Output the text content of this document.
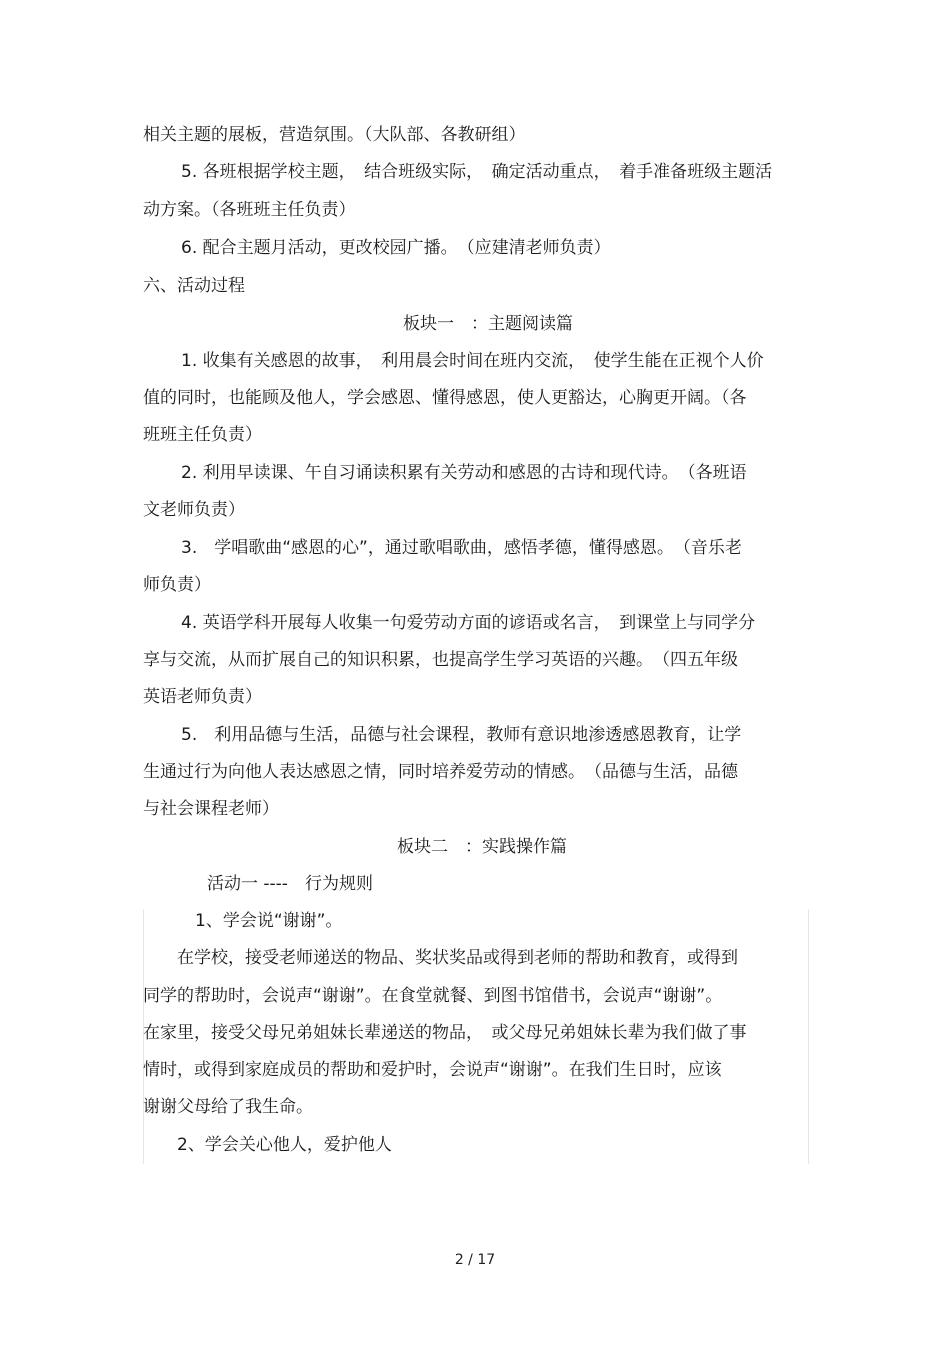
相关主题的展板，营造氛围。（大队部、各教研组）
5. 各班根据学校主题，　结合班级实际，　确定活动重点，　着手准备班级主题活
动方案。（各班班主任负责）
6. 配合主题月活动，更改校园广播。　（应建清老师负责）
六、活动过程
板块一　：主题阅读篇
1. 收集有关感恩的故事，　利用晨会时间在班内交流，　使学生能在正视个人价
值的同时，也能顾及他人，学会感恩、懂得感恩，使人更豁达，心胸更开阔。（各
班班主任负责）
2. 利用早读课、午自习诵读积累有关劳动和感恩的古诗和现代诗。　（各班语
文老师负责）
3.　学唱歌曲“感恩的心”，通过歌唱歌曲，感悟孝德，懂得感恩。　（音乐老
师负责）
4. 英语学科开展每人收集一句爱劳动方面的谚语或名言，　到课堂上与同学分
享与交流，从而扩展自己的知识积累，也提高学生学习英语的兴趣。　（四五年级
英语老师负责）
5.　利用品德与生活，品德与社会课程，教师有意识地渗透感恩教育，让学
生通过行为向他人表达感恩之情，同时培养爱劳动的情感。　（品德与生活，品德
与社会课程老师）
板块二　：实践操作篇
活动一 ----　行为规则
1、学会说“谢谢”。
在学校，接受老师递送的物品、奖状奖品或得到老师的帮助和教育，或得到
同学的帮助时，会说声“谢谢”。在食堂就餐、到图书馆借书，会说声“谢谢”。
在家里，接受父母兄弟姐妹长辈递送的物品，　或父母兄弟姐妹长辈为我们做了事
情时，或得到家庭成员的帮助和爱护时，会说声“谢谢”。在我们生日时，应该
谢谢父母给了我生命。
2、学会关心他人，爱护他人
2 / 17
